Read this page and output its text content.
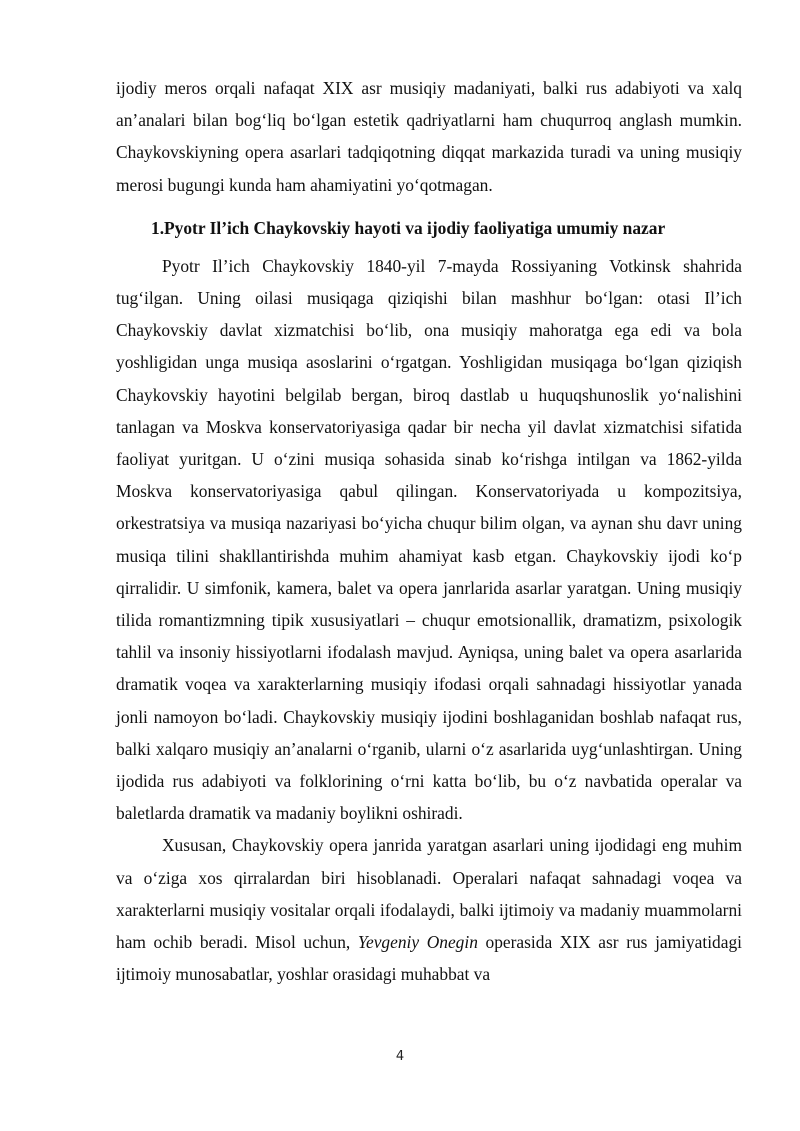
ijodiy meros orqali nafaqat XIX asr musiqiy madaniyati, balki rus adabiyoti va xalq an’analari bilan bog‘liq bo‘lgan estetik qadriyatlarni ham chuqurroq anglash mumkin. Chaykovskiyning opera asarlari tadqiqotning diqqat markazida turadi va uning musiqiy merosi bugungi kunda ham ahamiyatini yo‘qotmagan.

1.Pyotr Il’ich Chaykovskiy hayoti va ijodiy faoliyatiga umumiy nazar

Pyotr Il’ich Chaykovskiy 1840-yil 7-mayda Rossiyaning Votkinsk shahrida tug‘ilgan. Uning oilasi musiqaga qiziqishi bilan mashhur bo‘lgan: otasi Il’ich Chaykovskiy davlat xizmatchisi bo‘lib, ona musiqiy mahoratga ega edi va bola yoshligidan unga musiqa asoslarini o‘rgatgan. Yoshligidan musiqaga bo‘lgan qiziqish Chaykovskiy hayotini belgilab bergan, biroq dastlab u huquqshunoslik yo‘nalishini tanlagan va Moskva konservatoriyasiga qadar bir necha yil davlat xizmatchisi sifatida faoliyat yuritgan. U o‘zini musiqa sohasida sinab ko‘rishga intilgan va 1862-yilda Moskva konservatoriyasiga qabul qilingan. Konservatoriyada u kompozitsiya, orkestratsiya va musiqa nazariyasi bo‘yicha chuqur bilim olgan, va aynan shu davr uning musiqa tilini shakllantirishda muhim ahamiyat kasb etgan. Chaykovskiy ijodi ko‘p qirralidir. U simfonik, kamera, balet va opera janrlarida asarlar yaratgan. Uning musiqiy tilida romantizmning tipik xususiyatlari – chuqur emotsionallik, dramatizm, psixologik tahlil va insoniy hissiyotlarni ifodalash mavjud. Ayniqsa, uning balet va opera asarlarida dramatik voqea va xarakterlarning musiqiy ifodasi orqali sahnadagi hissiyotlar yanada jonli namoyon bo‘ladi. Chaykovskiy musiqiy ijodini boshlaganidan boshlab nafaqat rus, balki xalqaro musiqiy an’analarni o‘rganib, ularni o‘z asarlarida uyg‘unlashtirgan. Uning ijodida rus adabiyoti va folklorining o‘rni katta bo‘lib, bu o‘z navbatida operalar va baletlarda dramatik va madaniy boylikni oshiradi.

Xususan, Chaykovskiy opera janrida yaratgan asarlari uning ijodidagi eng muhim va o‘ziga xos qirralardan biri hisoblanadi. Operalari nafaqat sahnadagi voqea va xarakterlarni musiqiy vositalar orqali ifodalaydi, balki ijtimoiy va madaniy muammolarni ham ochib beradi. Misol uchun, Yevgeniy Onegin operasida XIX asr rus jamiyatidagi ijtimoiy munosabatlar, yoshlar orasidagi muhabbat va

4
